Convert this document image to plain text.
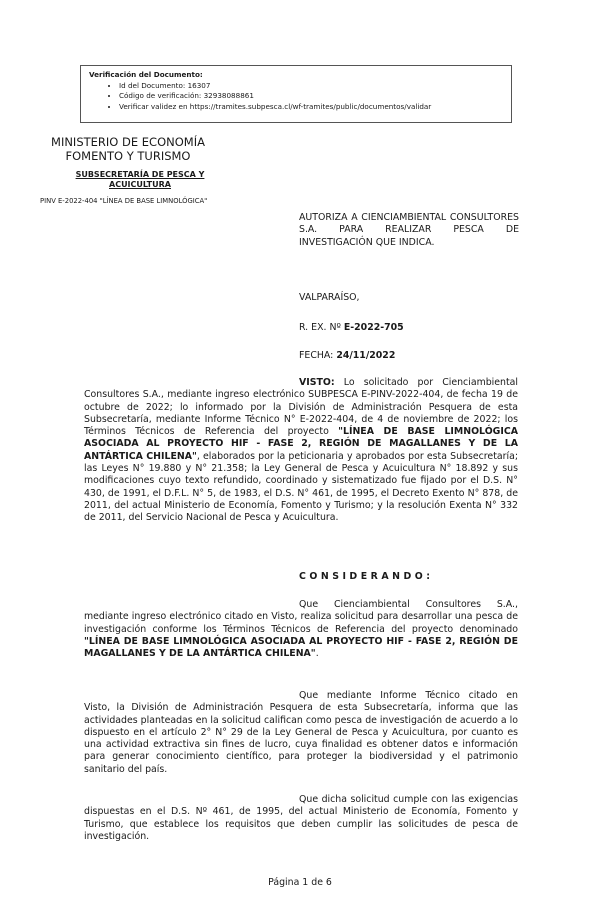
Verificación del Documento:
• Id del Documento: 16307
• Código de verificación: 32938088861
• Verificar validez en https://tramites.subpesca.cl/wf-tramites/public/documentos/validar
MINISTERIO DE ECONOMÍA
FOMENTO Y TURISMO
SUBSECRETARÍA DE PESCA Y ACUICULTURA
PINV E-2022-404 "LÍNEA DE BASE LIMNOLÓGICA"
AUTORIZA A CIENCIAMBIENTAL CONSULTORES S.A. PARA REALIZAR PESCA DE INVESTIGACIÓN QUE INDICA.
VALPARAÍSO,
R. EX. Nº E-2022-705
FECHA: 24/11/2022
VISTO: Lo solicitado por Cienciambiental Consultores S.A., mediante ingreso electrónico SUBPESCA E-PINV-2022-404, de fecha 19 de octubre de 2022; lo informado por la División de Administración Pesquera de esta Subsecretaría, mediante Informe Técnico N° E-2022-404, de 4 de noviembre de 2022; los Términos Técnicos de Referencia del proyecto "LÍNEA DE BASE LIMNOLÓGICA ASOCIADA AL PROYECTO HIF - FASE 2, REGIÓN DE MAGALLANES Y DE LA ANTÁRTICA CHILENA", elaborados por la peticionaria y aprobados por esta Subsecretaría; las Leyes N° 19.880 y N° 21.358; la Ley General de Pesca y Acuicultura N° 18.892 y sus modificaciones cuyo texto refundido, coordinado y sistematizado fue fijado por el D.S. N° 430, de 1991, el D.F.L. N° 5, de 1983, el D.S. N° 461, de 1995, el Decreto Exento N° 878, de 2011, del actual Ministerio de Economía, Fomento y Turismo; y la resolución Exenta N° 332 de 2011, del Servicio Nacional de Pesca y Acuicultura.
CONSIDERANDO:
Que Cienciambiental Consultores S.A., mediante ingreso electrónico citado en Visto, realiza solicitud para desarrollar una pesca de investigación conforme los Términos Técnicos de Referencia del proyecto denominado "LÍNEA DE BASE LIMNOLÓGICA ASOCIADA AL PROYECTO HIF - FASE 2, REGIÓN DE MAGALLANES Y DE LA ANTÁRTICA CHILENA".
Que mediante Informe Técnico citado en Visto, la División de Administración Pesquera de esta Subsecretaría, informa que las actividades planteadas en la solicitud califican como pesca de investigación de acuerdo a lo dispuesto en el artículo 2° N° 29 de la Ley General de Pesca y Acuicultura, por cuanto es una actividad extractiva sin fines de lucro, cuya finalidad es obtener datos e información para generar conocimiento científico, para proteger la biodiversidad y el patrimonio sanitario del país.
Que dicha solicitud cumple con las exigencias dispuestas en el D.S. Nº 461, de 1995, del actual Ministerio de Economía, Fomento y Turismo, que establece los requisitos que deben cumplir las solicitudes de pesca de investigación.
Página 1 de 6
